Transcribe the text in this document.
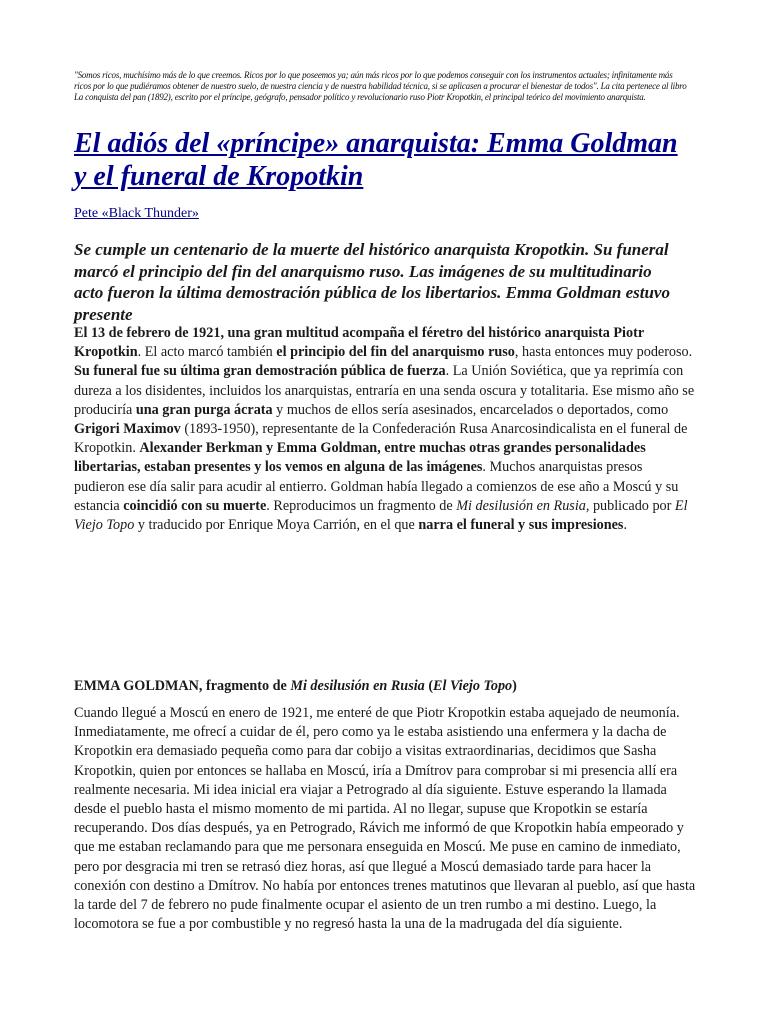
"Somos ricos, muchísimo más de lo que creemos. Ricos por lo que poseemos ya; aún más ricos por lo que podemos conseguir con los instrumentos actuales; infinitamente más ricos por lo que pudiéramos obtener de nuestro suelo, de nuestra ciencia y de nuestra habilidad técnica, si se aplicasen a procurar el bienestar de todos". La cita pertenece al libro La conquista del pan (1892), escrito por el príncipe, geógrafo, pensador político y revolucionario ruso Piotr Kropotkin, el principal teórico del movimiento anarquista.
El adiós del «príncipe» anarquista: Emma Goldman y el funeral de Kropotkin
Pete «Black Thunder»

Se cumple un centenario de la muerte del histórico anarquista Kropotkin. Su funeral marcó el principio del fin del anarquismo ruso. Las imágenes de su multitudinario acto fueron la última demostración pública de los libertarios. Emma Goldman estuvo presente

El 13 de febrero de 1921, una gran multitud acompaña el féretro del histórico anarquista Piotr Kropotkin. El acto marcó también el principio del fin del anarquismo ruso, hasta entonces muy poderoso. Su funeral fue su última gran demostración pública de fuerza. La Unión Soviética, que ya reprimía con dureza a los disidentes, incluidos los anarquistas, entraría en una senda oscura y totalitaria. Ese mismo año se produciría una gran purga ácrata y muchos de ellos sería asesinados, encarcelados o deportados, como Grigori Maximov (1893-1950), representante de la Confederación Rusa Anarcosindicalista en el funeral de Kropotkin. Alexander Berkman y Emma Goldman, entre muchas otras grandes personalidades libertarias, estaban presentes y los vemos en alguna de las imágenes. Muchos anarquistas presos pudieron ese día salir para acudir al entierro. Goldman había llegado a comienzos de ese año a Moscú y su estancia coincidió con su muerte. Reproducimos un fragmento de Mi desilusión en Rusia, publicado por El Viejo Topo y traducido por Enrique Moya Carrión, en el que narra el funeral y sus impresiones.

EMMA GOLDMAN, fragmento de Mi desilusión en Rusia (El Viejo Topo)

Cuando llegué a Moscú en enero de 1921, me enteré de que Piotr Kropotkin estaba aquejado de neumonía. Inmediatamente, me ofrecí a cuidar de él, pero como ya le estaba asistiendo una enfermera y la dacha de Kropotkin era demasiado pequeña como para dar cobijo a visitas extraordinarias, decidimos que Sasha Kropotkin, quien por entonces se hallaba en Moscú, iría a Dmítrov para comprobar si mi presencia allí era realmente necesaria. Mi idea inicial era viajar a Petrogrado al día siguiente. Estuve esperando la llamada desde el pueblo hasta el mismo momento de mi partida. Al no llegar, supuse que Kropotkin se estaría recuperando. Dos días después, ya en Petrogrado, Rávich me informó de que Kropotkin había empeorado y que me estaban reclamando para que me personara enseguida en Moscú. Me puse en camino de inmediato, pero por desgracia mi tren se retrasó diez horas, así que llegué a Moscú demasiado tarde para hacer la conexión con destino a Dmítrov. No había por entonces trenes matutinos que llevaran al pueblo, así que hasta la tarde del 7 de febrero no pude finalmente ocupar el asiento de un tren rumbo a mi destino. Luego, la locomotora se fue a por combustible y no regresó hasta la una de la madrugada del día siguiente.
